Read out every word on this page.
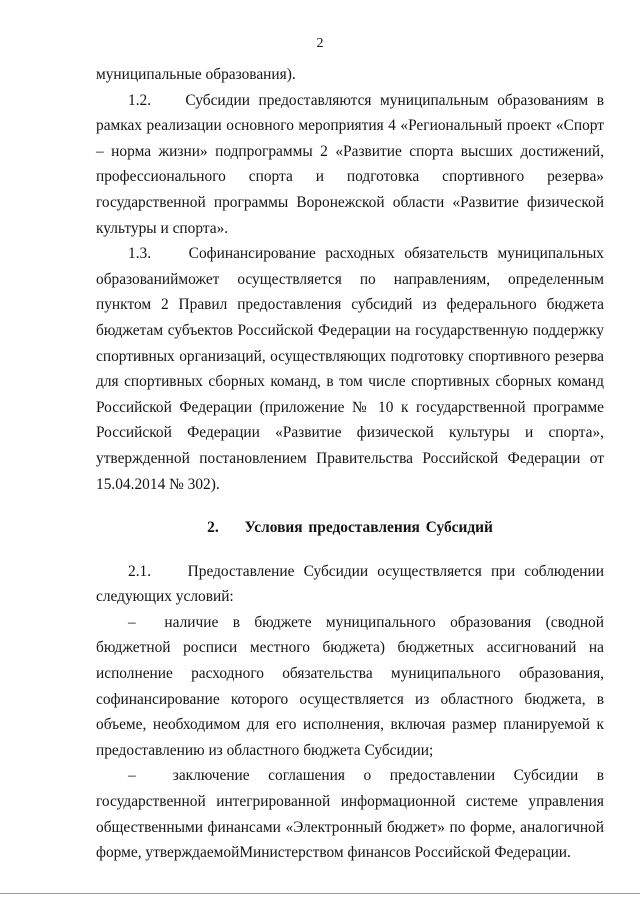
2

муниципальные образования).

1.2.    Субсидии предоставляются муниципальным образованиям в рамках реализации основного мероприятия 4 «Региональный проект «Спорт – норма жизни» подпрограммы 2 «Развитие спорта высших достижений, профессионального спорта и подготовка спортивного резерва» государственной программы Воронежской области «Развитие физической культуры и спорта».

1.3.    Софинансирование расходных обязательств муниципальных образованийможет осуществляется по направлениям, определенным пунктом 2 Правил предоставления субсидий из федерального бюджета бюджетам субъектов Российской Федерации на государственную поддержку спортивных организаций, осуществляющих подготовку спортивного резерва для спортивных сборных команд, в том числе спортивных сборных команд Российской Федерации (приложение № 10 к государственной программе Российской Федерации «Развитие физической культуры и спорта», утвержденной постановлением Правительства Российской Федерации от 15.04.2014 № 302).

2. Условия предоставления Субсидий

2.1.    Предоставление Субсидии осуществляется при соблюдении следующих условий:

–  наличие в бюджете муниципального образования (сводной бюджетной росписи местного бюджета) бюджетных ассигнований на исполнение расходного обязательства муниципального образования, софинансирование которого осуществляется из областного бюджета, в объеме, необходимом для его исполнения, включая размер планируемой к предоставлению из областного бюджета Субсидии;

–  заключение соглашения о предоставлении Субсидии в государственной интегрированной информационной системе управления общественными финансами «Электронный бюджет» по форме, аналогичной форме, утверждаемойМинистерством финансов Российской Федерации.
